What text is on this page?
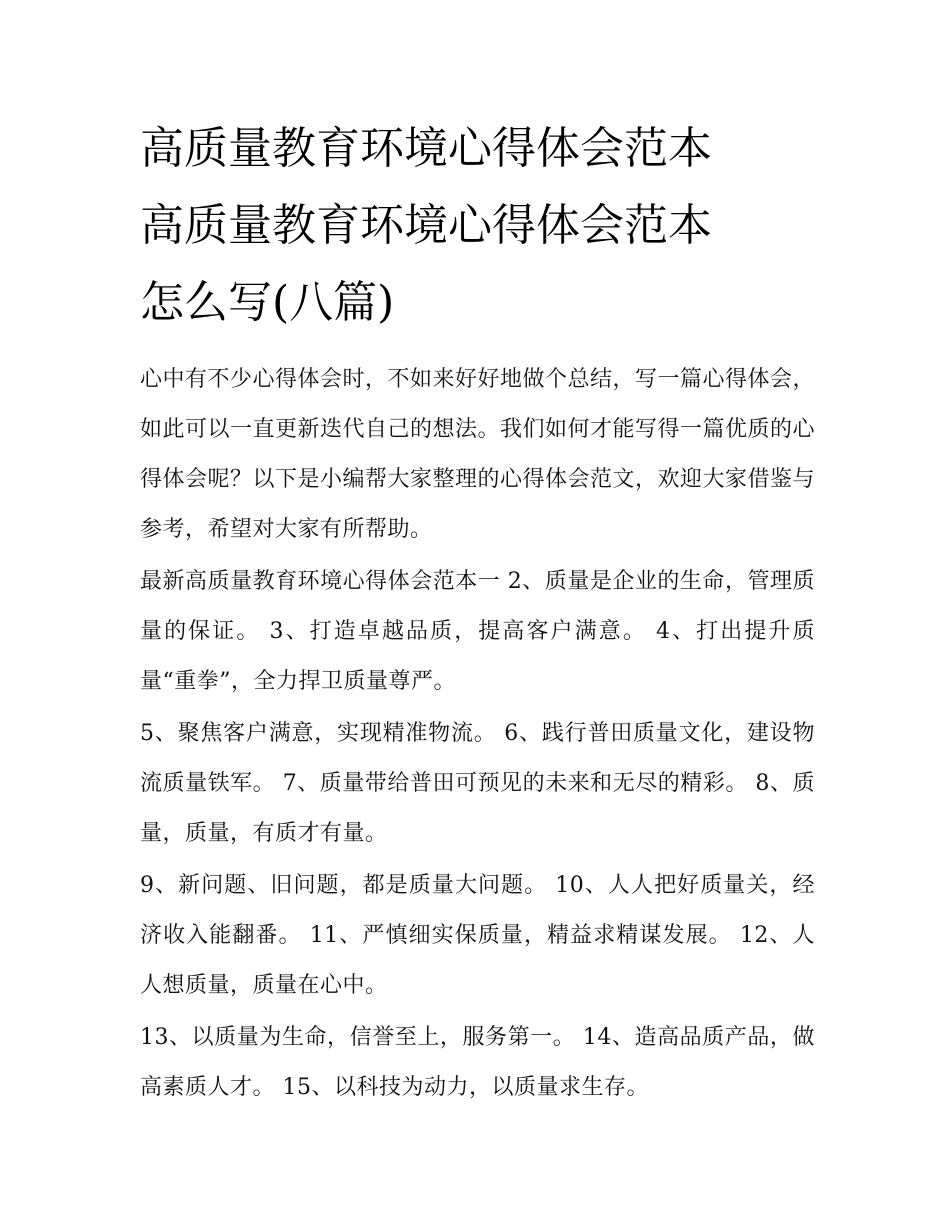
高质量教育环境心得体会范本
高质量教育环境心得体会范本
怎么写(八篇)

心中有不少心得体会时，不如来好好地做个总结，写一篇心得体会，如此可以一直更新迭代自己的想法。我们如何才能写得一篇优质的心得体会呢？以下是小编帮大家整理的心得体会范文，欢迎大家借鉴与参考，希望对大家有所帮助。

最新高质量教育环境心得体会范本一 2、质量是企业的生命，管理质量的保证。 3、打造卓越品质，提高客户满意。 4、打出提升质量“重拳”，全力捍卫质量尊严。

5、聚焦客户满意，实现精准物流。 6、践行普田质量文化，建设物流质量铁军。 7、质量带给普田可预见的未来和无尽的精彩。 8、质量，质量，有质才有量。

9、新问题、旧问题，都是质量大问题。 10、人人把好质量关，经济收入能翻番。 11、严慎细实保质量，精益求精谋发展。 12、人人想质量，质量在心中。

13、以质量为生命，信誉至上，服务第一。 14、造高品质产品，做高素质人才。 15、以科技为动力，以质量求生存。
